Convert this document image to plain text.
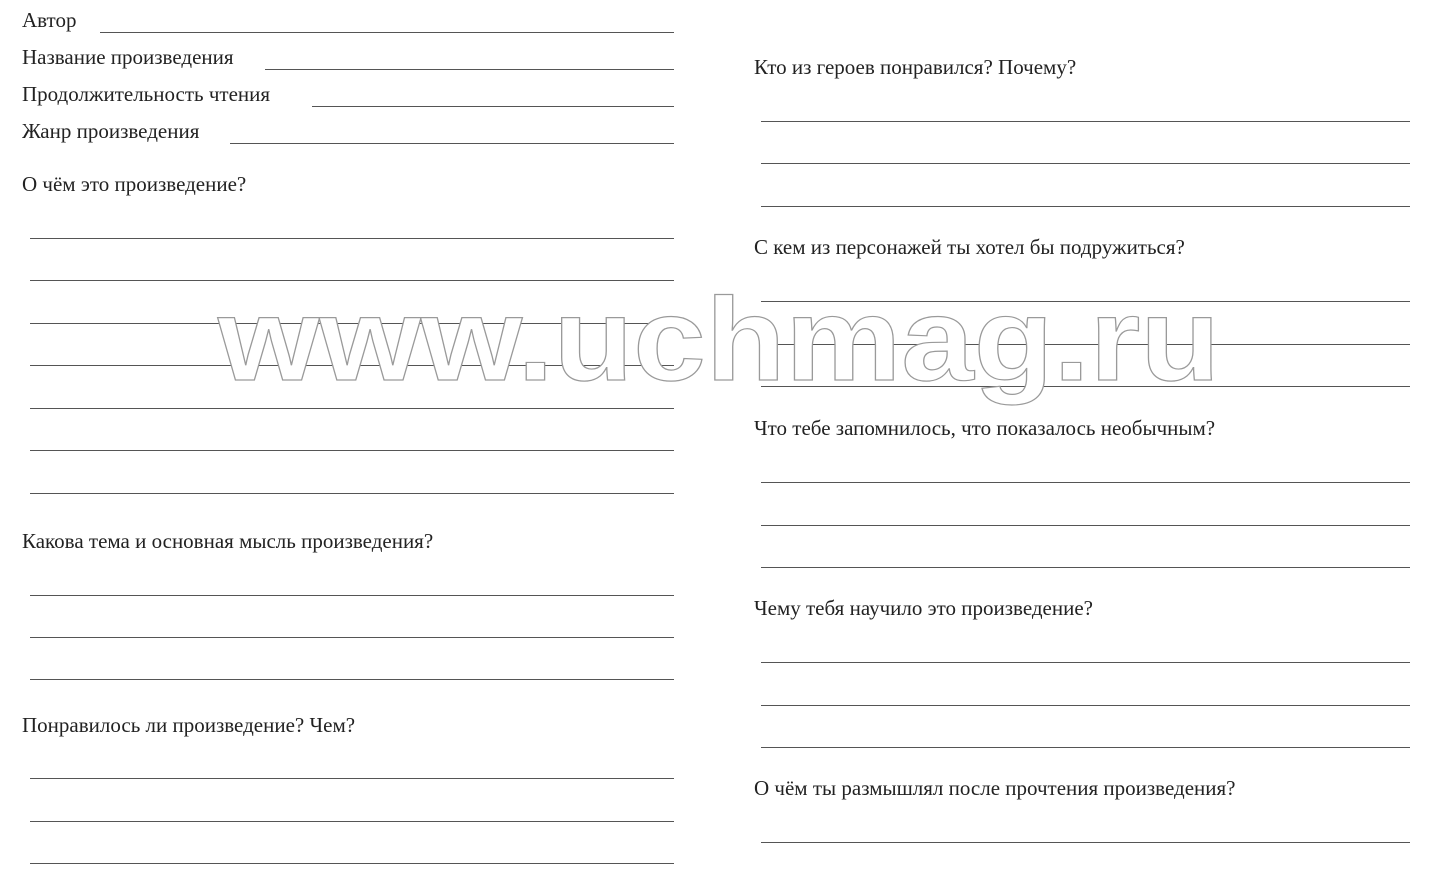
Автор
Название произведения
Продолжительность чтения
Жанр произведения
О чём это произведение?
Какова тема и основная мысль произведения?
Понравилось ли произведение? Чем?
Кто из героев понравился? Почему?
С кем из персонажей ты хотел бы подружиться?
Что тебе запомнилось, что показалось необычным?
Чему тебя научило это произведение?
О чём ты размышлял после прочтения произведения?
www.uchmag.ru
